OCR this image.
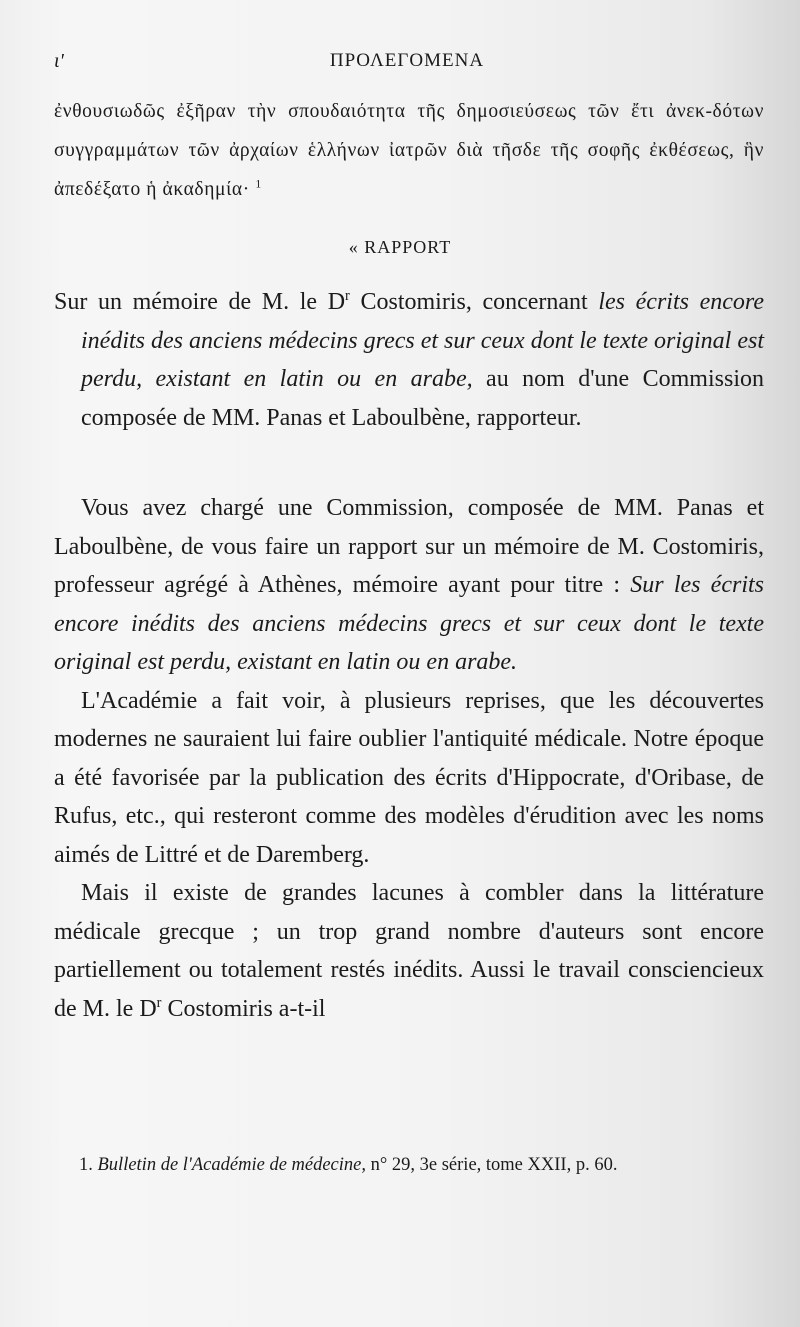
ι'	ΠΡΟΛΕΓΟΜΕΝΑ
ἐνθουσιωδῶς ἐξῆραν τὴν σπουδαιότητα τῆς δημοσιεύσεως τῶν ἔτι ἀνεκ-δότων συγγραμμάτων τῶν ἀρχαίων ἑλλήνων ἰατρῶν διὰ τῆσδε τῆς σοφῆς ἐκθέσεως, ἣν ἀπεδέξατο ἡ ἀκαδημία· $^1$
« RAPPORT
Sur un mémoire de M. le $D^r$ Costomiris, concernant les écrits encore inédits des anciens médecins grecs et sur ceux dont le texte original est perdu, existant en latin ou en arabe, au nom d'une Commission composée de MM. Panas et Laboulbène, rapporteur.

Vous avez chargé une Commission, composée de MM. Panas et Laboulbène, de vous faire un rapport sur un mémoire de M. Costomiris, professeur agrégé à Athènes, mémoire ayant pour titre : Sur les écrits encore inédits des anciens médecins grecs et sur ceux dont le texte original est perdu, existant en latin ou en arabe.

L'Académie a fait voir, à plusieurs reprises, que les découvertes modernes ne sauraient lui faire oublier l'antiquité médicale. Notre époque a été favorisée par la publication des écrits d'Hippocrate, d'Oribase, de Rufus, etc., qui resteront comme des modèles d'érudition avec les noms aimés de Littré et de Daremberg.

Mais il existe de grandes lacunes à combler dans la littérature médicale grecque ; un trop grand nombre d'auteurs sont encore partiellement ou totalement restés inédits. Aussi le travail consciencieux de M. le $D^r$ Costomiris a-t-il

1. Bulletin de l'Académie de médecine, n° 29, 3e série, tome XXII, p. 60.
